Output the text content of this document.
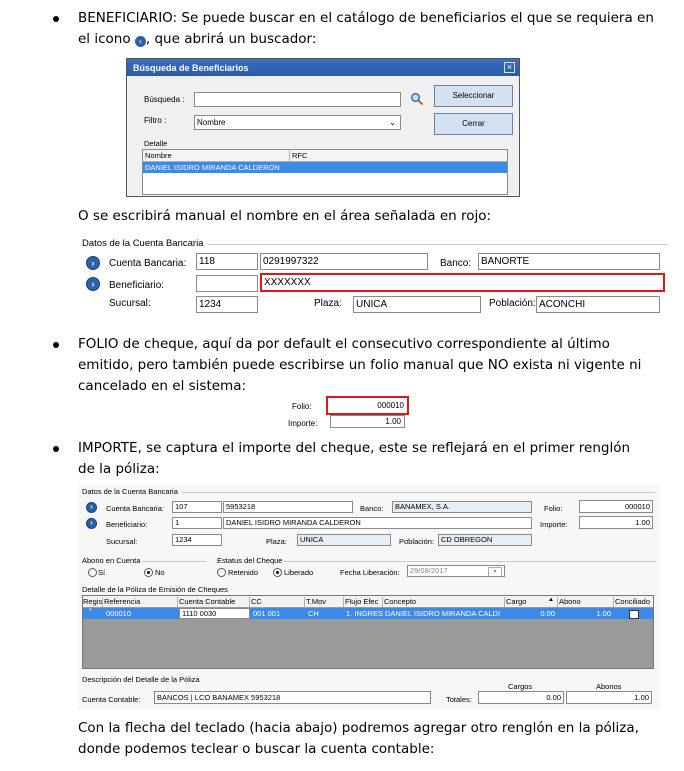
BENEFICIARIO: Se puede buscar en el catálogo de beneficiarios el que se requiera en
el icono › , que abrirá un buscador:
Búsqueda de Beneficiarios	×
Búsqueda :
Filtro :	Nombre	⌄
Seleccionar
Cerrar
Detalle
Nombre	RFC
DANIEL ISIDRO MIRANDA CALDERON
O se escribirá manual el nombre en el área señalada en rojo:
Datos de la Cuenta Bancaria
›	Cuenta Bancaria:	118	0291997322	Banco: BANORTE
›	Beneficiario:	XXXXXXX
Sucursal:	1234	Plaza:	UNICA	Población: ACONCHI
FOLIO de cheque, aquí da por default el consecutivo correspondiente al último
emitido, pero también puede escribirse un folio manual que NO exista ni vigente ni
cancelado en el sistema:
Folio:	000010
Importe:	1.00
IMPORTE, se captura el importe del cheque, este se reflejará en el primer renglón
de la póliza:
Datos de la Cuenta Bancaria
›	Cuenta Bancaria:	107	5953218	Banco:	BANAMEX, S.A.	Folio:	000010
›	Beneficiario:	1	DANIEL ISIDRO MIRANDA CALDERON	Importe:	1.00
Sucursal:	1234	Plaza:	UNICA	Población: CD OBREGON
Abono en Cuenta
Sí	No
Estatus del Cheque
Retenido	Liberado	Fecha Liberación:	29/08/2017	▾
Detalle de la Póliza de Emisión de Cheques
Regis Referencia	Cuenta Contable	CC	T.Mov	Flujo Efec Concepto	Cargo	▲ Abono	Conciliado
* 000010	1110 0030	001 001	CH	1. INGRES DANIEL ISIDRO MIRANDA CALDI	0.00	1.00
Descripción del Detalle de la Póliza
Cargos	Abonos
Cuenta Contable:	BANCOS | LCO BANAMEX 5953218	Totales:	0.00	1.00
Con la flecha del teclado (hacia abajo) podremos agregar otro renglón en la póliza,
donde podemos teclear o buscar la cuenta contable:
